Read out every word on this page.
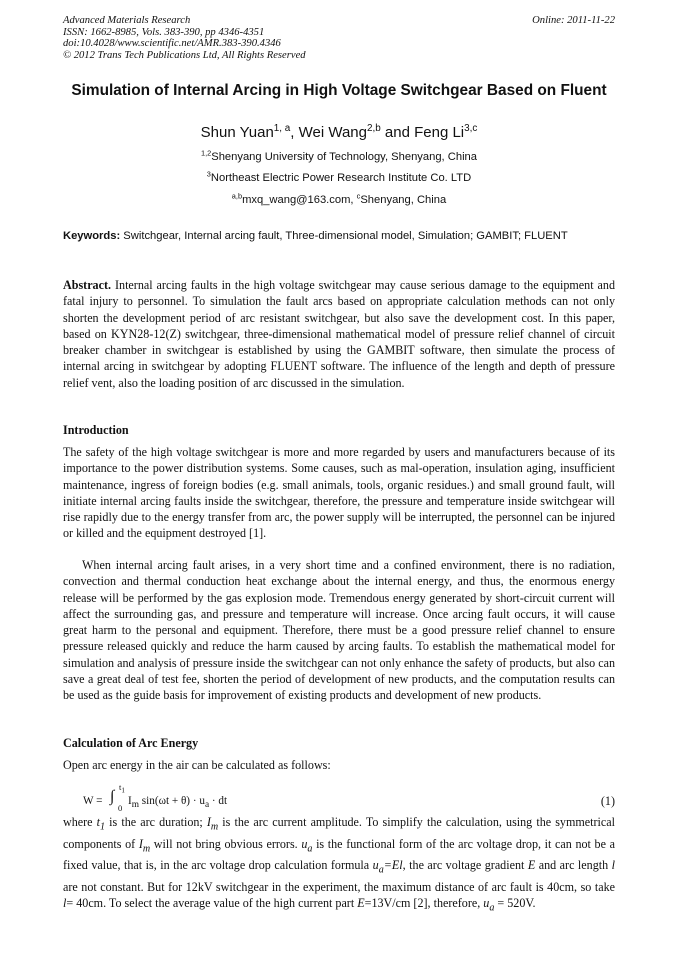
Advanced Materials Research
ISSN: 1662-8985, Vols. 383-390, pp 4346-4351
doi:10.4028/www.scientific.net/AMR.383-390.4346
© 2012 Trans Tech Publications Ltd, All Rights Reserved
Online: 2011-11-22
Simulation of Internal Arcing in High Voltage Switchgear Based on Fluent
Shun Yuan$^{1, a}$, Wei Wang$^{2,b}$ and Feng Li$^{3,c}$
$^{1,2}$Shenyang University of Technology, Shenyang, China
$^3$Northeast Electric Power Research Institute Co. LTD
$^{a,b}$mxq_wang@163.com, $^c$Shenyang, China
Keywords: Switchgear, Internal arcing fault, Three-dimensional model, Simulation; GAMBIT; FLUENT
Abstract. Internal arcing faults in the high voltage switchgear may cause serious damage to the equipment and fatal injury to personnel. To simulation the fault arcs based on appropriate calculation methods can not only shorten the development period of arc resistant switchgear, but also save the development cost. In this paper, based on KYN28-12(Z) switchgear, three-dimensional mathematical model of pressure relief channel of circuit breaker chamber in switchgear is established by using the GAMBIT software, then simulate the process of internal arcing in switchgear by adopting FLUENT software. The influence of the length and depth of pressure relief vent, also the loading position of arc discussed in the simulation.
Introduction
The safety of the high voltage switchgear is more and more regarded by users and manufacturers because of its importance to the power distribution systems. Some causes, such as mal-operation, insulation aging, insufficient maintenance, ingress of foreign bodies (e.g. small animals, tools, organic residues.) and small ground fault, will initiate internal arcing faults inside the switchgear, therefore, the pressure and temperature inside switchgear will rise rapidly due to the energy transfer from arc, the power supply will be interrupted, the personnel can be injured or killed and the equipment destroyed [1].
When internal arcing fault arises, in a very short time and a confined environment, there is no radiation, convection and thermal conduction heat exchange about the internal energy, and thus, the enormous energy release will be performed by the gas explosion mode. Tremendous energy generated by short-circuit current will affect the surrounding gas, and pressure and temperature will increase. Once arcing fault occurs, it will cause great harm to the personal and equipment. Therefore, there must be a good pressure relief channel to ensure pressure released quickly and reduce the harm caused by arcing faults. To establish the mathematical model for simulation and analysis of pressure inside the switchgear can not only enhance the safety of products, but also can save a great deal of test fee, shorten the period of development of new products, and the computation results can be used as the guide basis for improvement of existing products and development of new products.
Calculation of Arc Energy
Open arc energy in the air can be calculated as follows:
W = ∫
$t_1$
0
$I_m$ $\sin(\omega t + \theta) \cdot u_a$ · dt	(1)
where $t_1$ is the arc duration; $I_m$ is the arc current amplitude. To simplify the calculation, using the symmetrical components of $I_m$ will not bring obvious errors. $u_a$ is the functional form of the arc voltage drop, it can not be a fixed value, that is, in the arc voltage drop calculation formula $u_a=El$, the arc voltage gradient E and arc length l are not constant. But for 12kV switchgear in the experiment, the maximum distance of arc fault is 40cm, so take l= 40cm. To select the average value of the high current part E=13V/cm [2], therefore, $u_a = 520V$.
